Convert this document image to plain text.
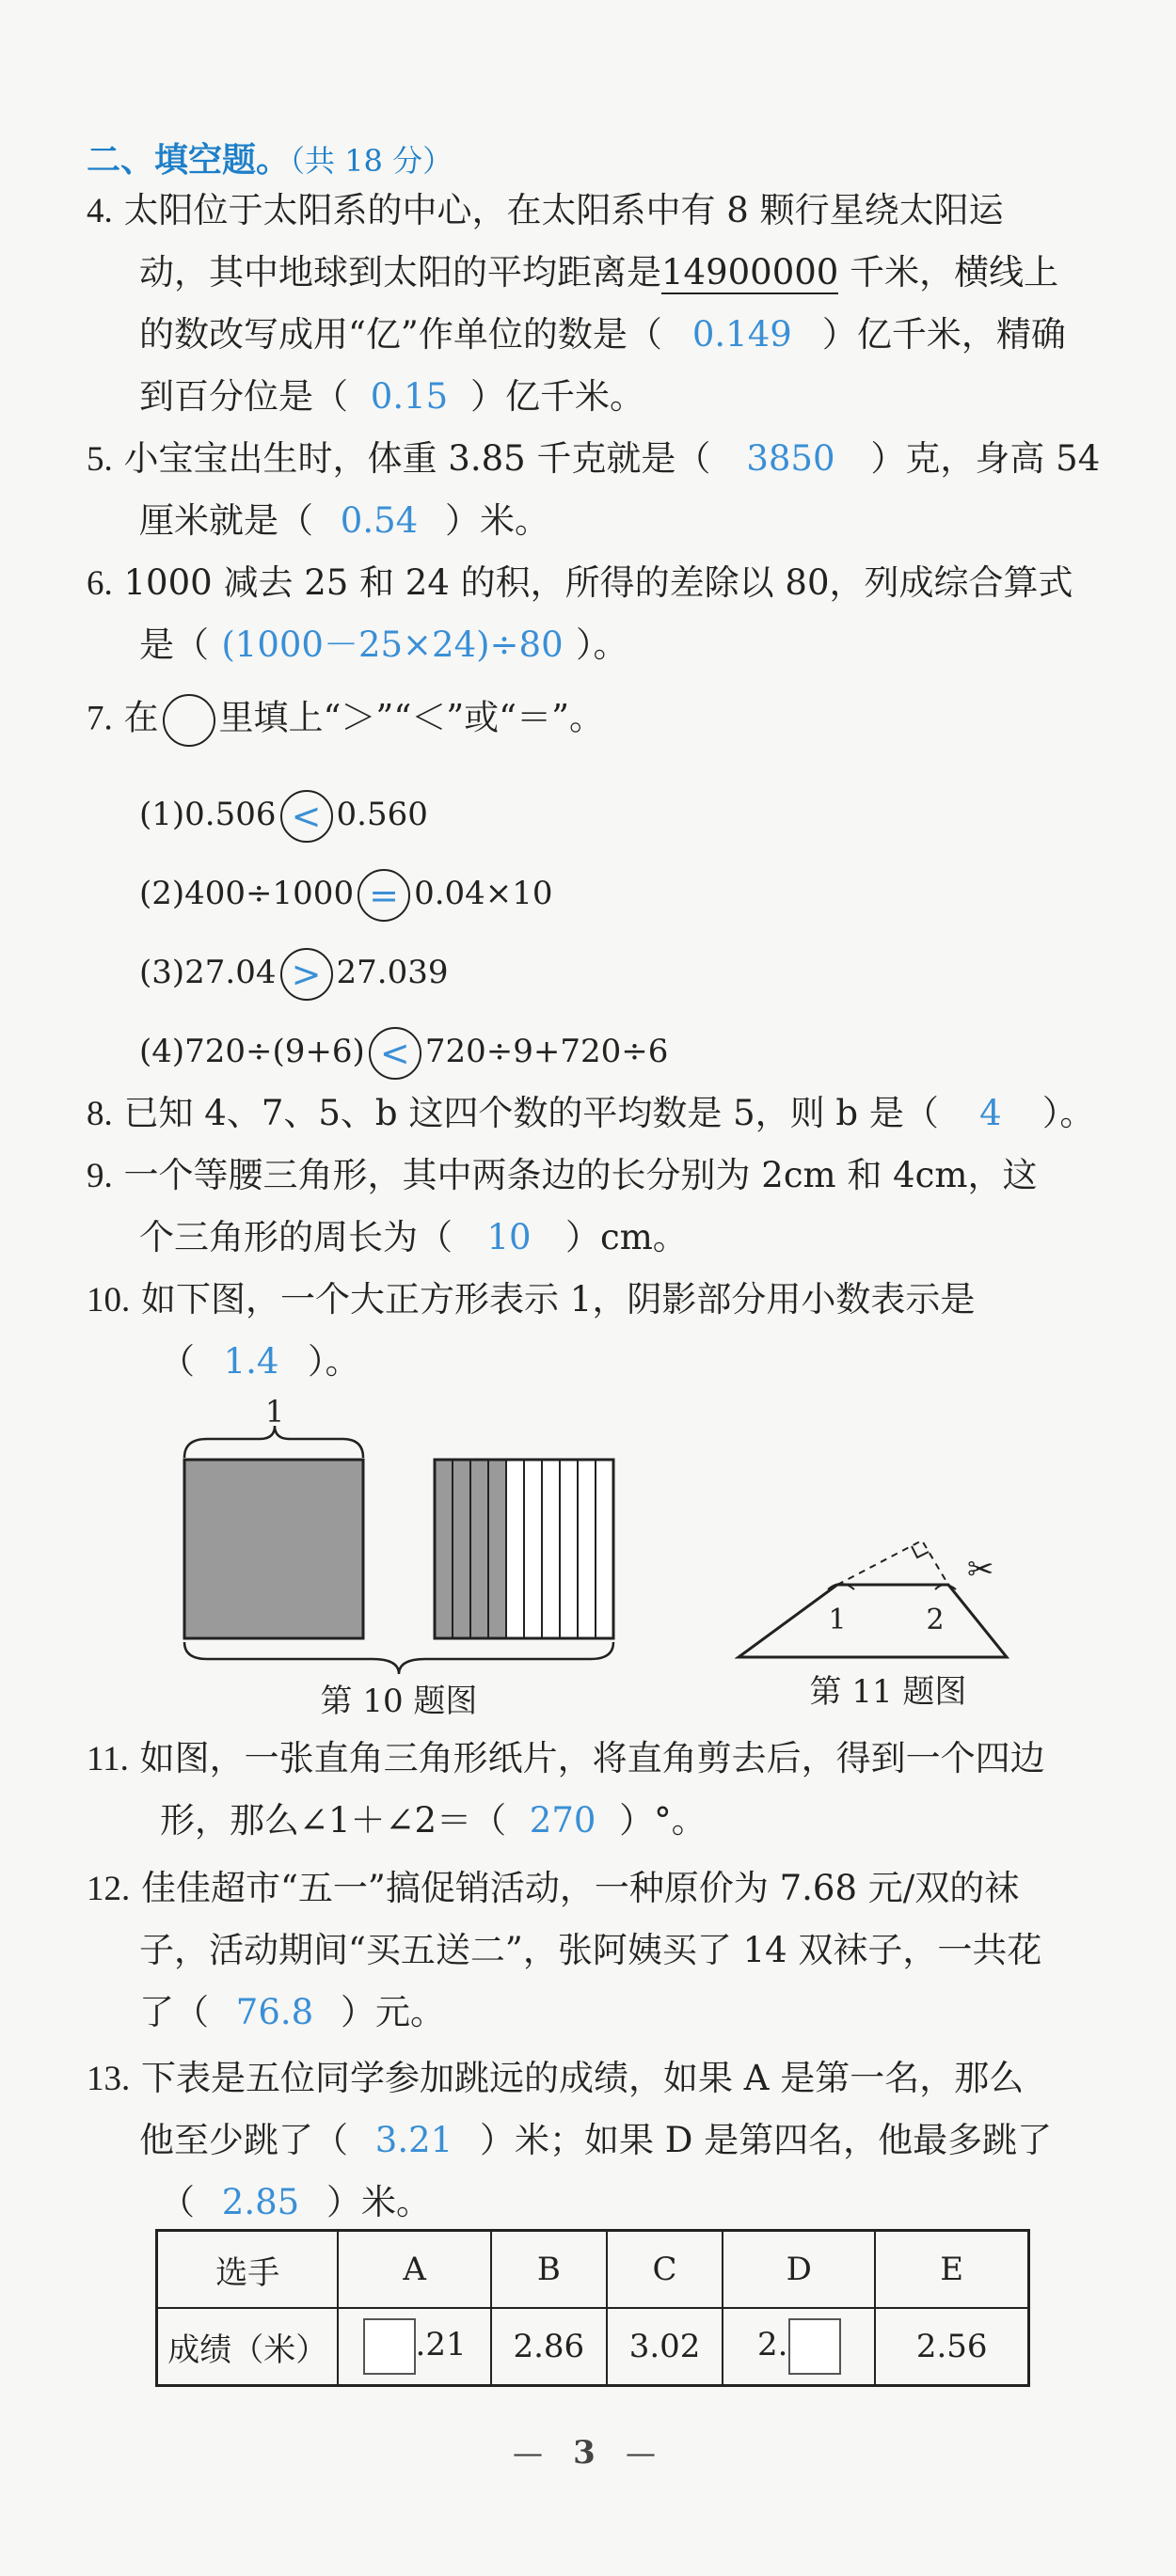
二、填空题。（共 18 分）
4. 太阳位于太阳系的中心，在太阳系中有 8 颗行星绕太阳运
动，其中地球到太阳的平均距离是14900000 千米，横线上
的数改写成用“亿”作单位的数是（ 0.149 ）亿千米，精确
到百分位是（ 0.15 ）亿千米。
5. 小宝宝出生时，体重 3.85 千克就是（ 3850 ）克，身高 54
厘米就是（ 0.54 ）米。
6. 1000 减去 25 和 24 的积，所得的差除以 80，列成综合算式
是（ (1000－25×24)÷80 ）。
7. 在 里填上“＞”“＜”或“＝”。
(1)0.506 < 0.560
(2)400÷1000 = 0.04×10
(3)27.04 > 27.039
(4)720÷(9+6) < 720÷9+720÷6
8. 已知 4、7、5、b 这四个数的平均数是 5，则 b 是（ 4 ）。
9. 一个等腰三角形，其中两条边的长分别为 2cm 和 4cm，这
个三角形的周长为（ 10 ）cm。
10. 如下图，一个大正方形表示 1，阴影部分用小数表示是
（ 1.4 ）。
1
第 10 题图
1	2
✂
第 11 题图
11. 如图，一张直角三角形纸片，将直角剪去后，得到一个四边
形，那么∠1＋∠2＝（ 270 ）°。
12. 佳佳超市“五一”搞促销活动，一种原价为 7.68 元/双的袜
子，活动期间“买五送二”，张阿姨买了 14 双袜子，一共花
了（ 76.8 ）元。
13. 下表是五位同学参加跳远的成绩，如果 A 是第一名，那么
他至少跳了（ 3.21 ）米；如果 D 是第四名，他最多跳了
（ 2.85 ）米。
选手	A	B	C	D	E
成绩（米）	.21	2.86	3.02	2.	2.56
— 3 —
